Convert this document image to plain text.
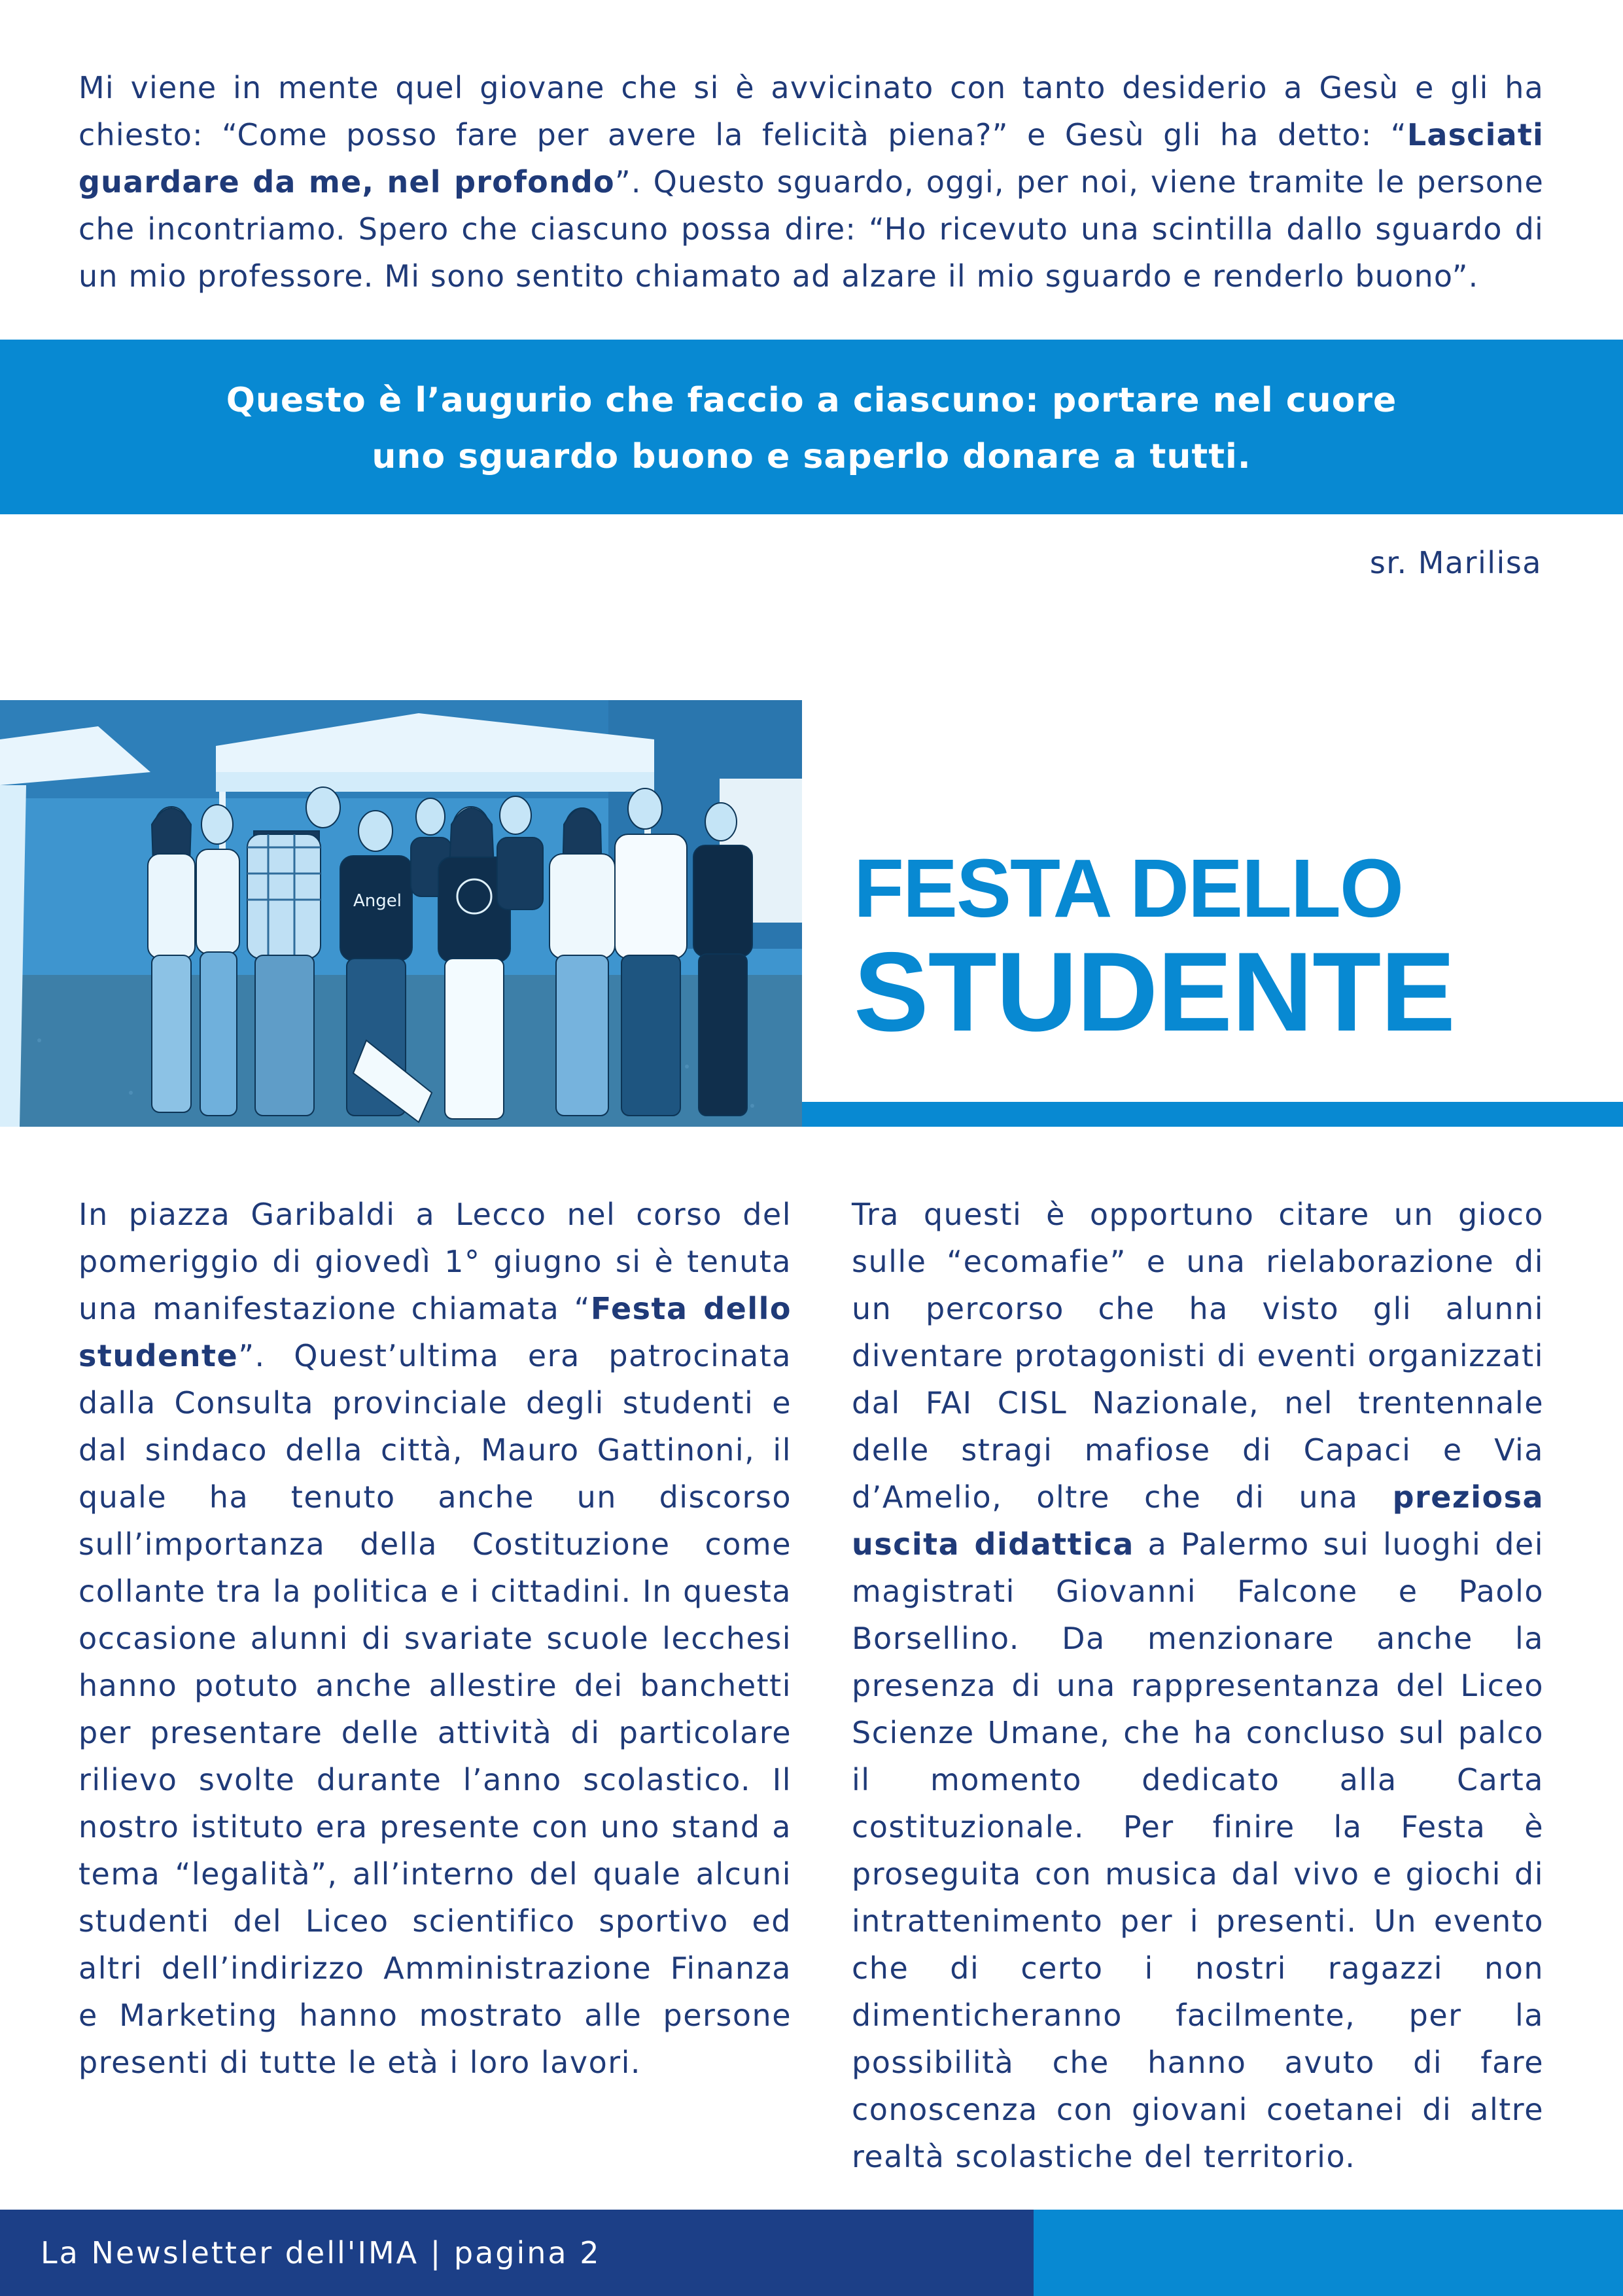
Mi viene in mente quel giovane che si è avvicinato con tanto desiderio a Gesù e gli ha chiesto: “Come posso fare per avere la felicità piena?” e Gesù gli ha detto: “Lasciati guardare da me, nel profondo”. Questo sguardo, oggi, per noi, viene tramite le persone che incontriamo. Spero che ciascuno possa dire: “Ho ricevuto una scintilla dallo sguardo di un mio professore. Mi sono sentito chiamato ad alzare il mio sguardo e renderlo buono”.

Questo è l’augurio che faccio a ciascuno: portare nel cuore
uno sguardo buono e saperlo donare a tutti.
sr. Marilisa
Angel	FESTA DELLO
STUDENTE

In piazza Garibaldi a Lecco nel corso del pomeriggio di giovedì 1° giugno si è tenuta una manifestazione chiamata “Festa dello studente”. Quest’ultima era patrocinata dalla Consulta provinciale degli studenti e dal sindaco della città, Mauro Gattinoni, il quale ha tenuto anche un discorso sull’importanza della Costituzione come collante tra la politica e i cittadini. In questa occasione alunni di svariate scuole lecchesi hanno potuto anche allestire dei banchetti per presentare delle attività di particolare rilievo svolte durante l’anno scolastico. Il nostro istituto era presente con uno stand a tema “legalità”, all’interno del quale alcuni studenti del Liceo scientifico sportivo ed altri dell’indirizzo Amministrazione Finanza e Marketing hanno mostrato alle persone presenti di tutte le età i loro lavori.

Tra questi è opportuno citare un gioco sulle “ecomafie” e una rielaborazione di un percorso che ha visto gli alunni diventare protagonisti di eventi organizzati dal FAI CISL Nazionale, nel trentennale delle stragi mafiose di Capaci e Via d’Amelio, oltre che di una preziosa uscita didattica a Palermo sui luoghi dei magistrati Giovanni Falcone e Paolo Borsellino. Da menzionare anche la presenza di una rappresentanza del Liceo Scienze Umane, che ha concluso sul palco il momento dedicato alla Carta costituzionale. Per finire la Festa è proseguita con musica dal vivo e giochi di intrattenimento per i presenti. Un evento che di certo i nostri ragazzi non dimenticheranno facilmente, per la possibilità che hanno avuto di fare conoscenza con giovani coetanei di altre realtà scolastiche del territorio.

La Newsletter dell'IMA | pagina 2
